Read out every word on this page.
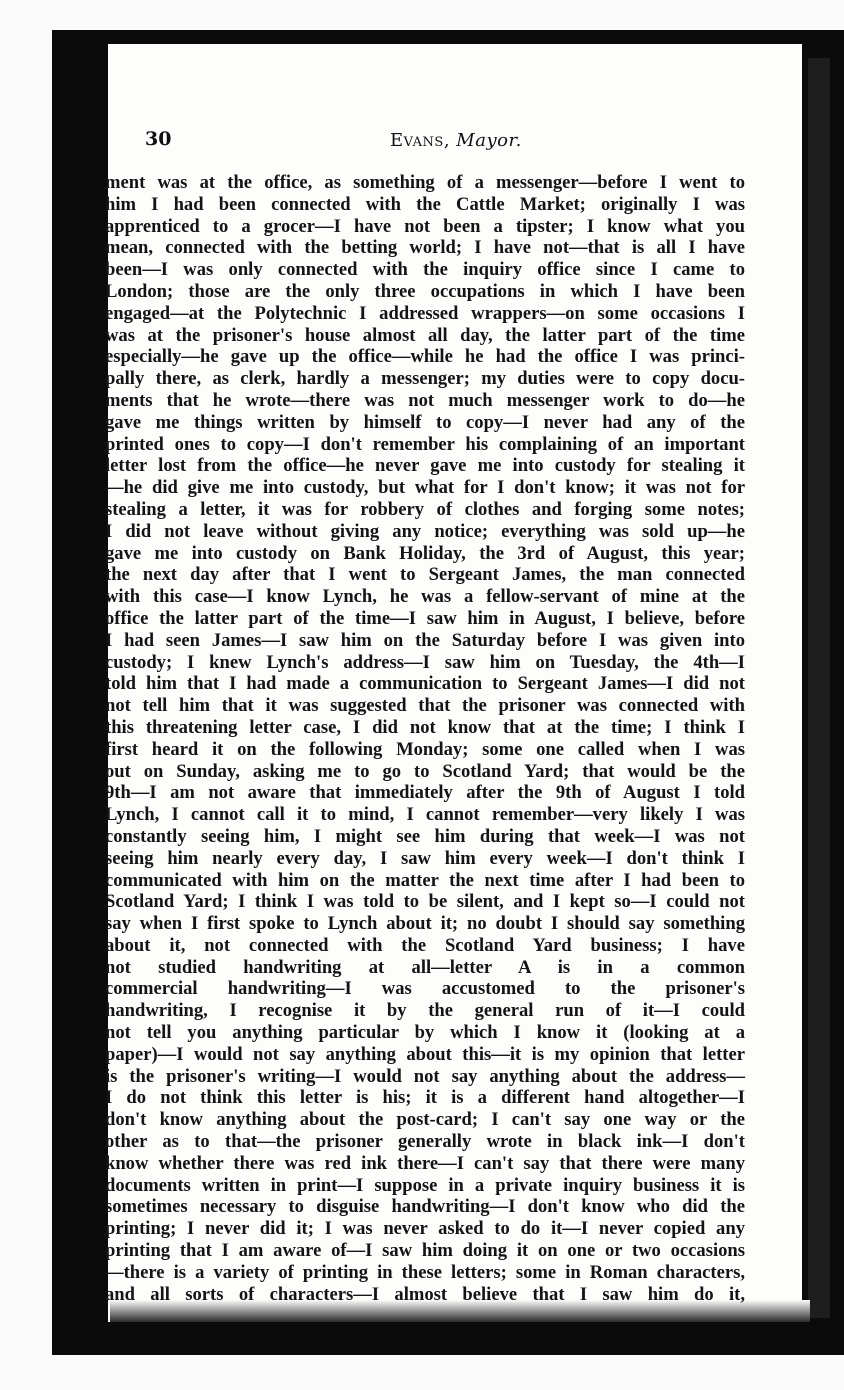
30	Evans, Mayor.
ment was at the office, as something of a messenger—before I went to
him I had been connected with the Cattle Market; originally I was
apprenticed to a grocer—I have not been a tipster; I know what you
mean, connected with the betting world; I have not—that is all I have
been—I was only connected with the inquiry office since I came to
London; those are the only three occupations in which I have been
engaged—at the Polytechnic I addressed wrappers—on some occasions I
was at the prisoner's house almost all day, the latter part of the time
especially—he gave up the office—while he had the office I was princi-
pally there, as clerk, hardly a messenger; my duties were to copy docu-
ments that he wrote—there was not much messenger work to do—he
gave me things written by himself to copy—I never had any of the
printed ones to copy—I don't remember his complaining of an important
letter lost from the office—he never gave me into custody for stealing it
—he did give me into custody, but what for I don't know; it was not for
stealing a letter, it was for robbery of clothes and forging some notes;
I did not leave without giving any notice; everything was sold up—he
gave me into custody on Bank Holiday, the 3rd of August, this year;
the next day after that I went to Sergeant James, the man connected
with this case—I know Lynch, he was a fellow-servant of mine at the
office the latter part of the time—I saw him in August, I believe, before
I had seen James—I saw him on the Saturday before I was given into
custody; I knew Lynch's address—I saw him on Tuesday, the 4th—I
told him that I had made a communication to Sergeant James—I did not
not tell him that it was suggested that the prisoner was connected with
this threatening letter case, I did not know that at the time; I think I
first heard it on the following Monday; some one called when I was
out on Sunday, asking me to go to Scotland Yard; that would be the
9th—I am not aware that immediately after the 9th of August I told
Lynch, I cannot call it to mind, I cannot remember—very likely I was
constantly seeing him, I might see him during that week—I was not
seeing him nearly every day, I saw him every week—I don't think I
communicated with him on the matter the next time after I had been to
Scotland Yard; I think I was told to be silent, and I kept so—I could not
say when I first spoke to Lynch about it; no doubt I should say something
about it, not connected with the Scotland Yard business; I have
not studied handwriting at all—letter A is in a common
commercial handwriting—I was accustomed to the prisoner's
handwriting, I recognise it by the general run of it—I could
not tell you anything particular by which I know it (looking at a
paper)—I would not say anything about this—it is my opinion that letter
is the prisoner's writing—I would not say anything about the address—
I do not think this letter is his; it is a different hand altogether—I
don't know anything about the post-card; I can't say one way or the
other as to that—the prisoner generally wrote in black ink—I don't
know whether there was red ink there—I can't say that there were many
documents written in print—I suppose in a private inquiry business it is
sometimes necessary to disguise handwriting—I don't know who did the
printing; I never did it; I was never asked to do it—I never copied any
printing that I am aware of—I saw him doing it on one or two occasions
—there is a variety of printing in these letters; some in Roman characters,
and all sorts of characters—I almost believe that I saw him do it,
